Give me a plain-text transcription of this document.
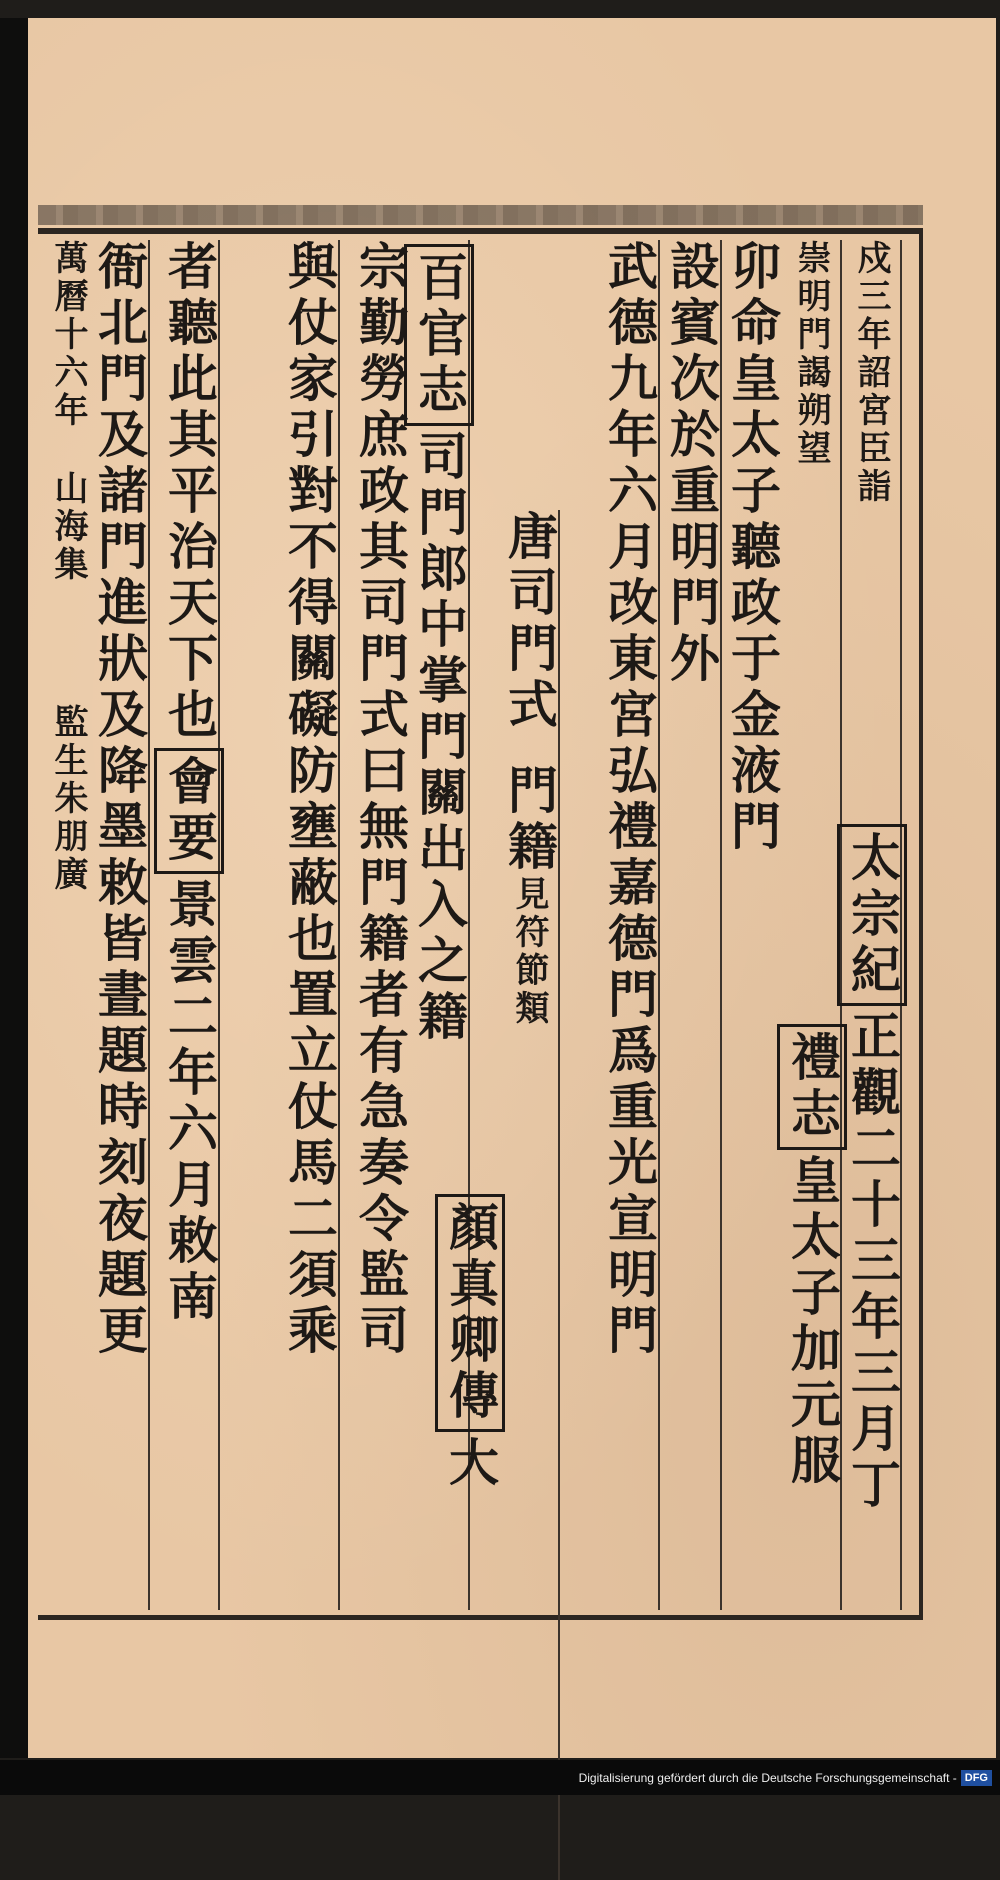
戍三年詔宮臣詣
崇明門謁朔望
卯命皇太子聽政于金液門
設賓次於重明門外
太宗紀
正觀二十三年三月丁
禮志
皇太子加元服
武德九年六月改東宮弘禮嘉德門爲重光宣明門
唐司門式
門籍
見符節類
百官志
司門郎中掌門關出入之籍
顏真卿傳
大
宗勤勞庶政其司門式曰無門籍者有急奏令監司
與仗家引對不得關礙防壅蔽也置立仗馬二須乘
者聽此其平治天下也
會要
景雲二年六月敕南
衙北門及諸門進狀及降墨敕皆晝題時刻夜題更
萬曆十六年
山海集
監生朱朋廣
Digitalisierung gefördert durch die Deutsche Forschungsgemeinschaft - DFG
